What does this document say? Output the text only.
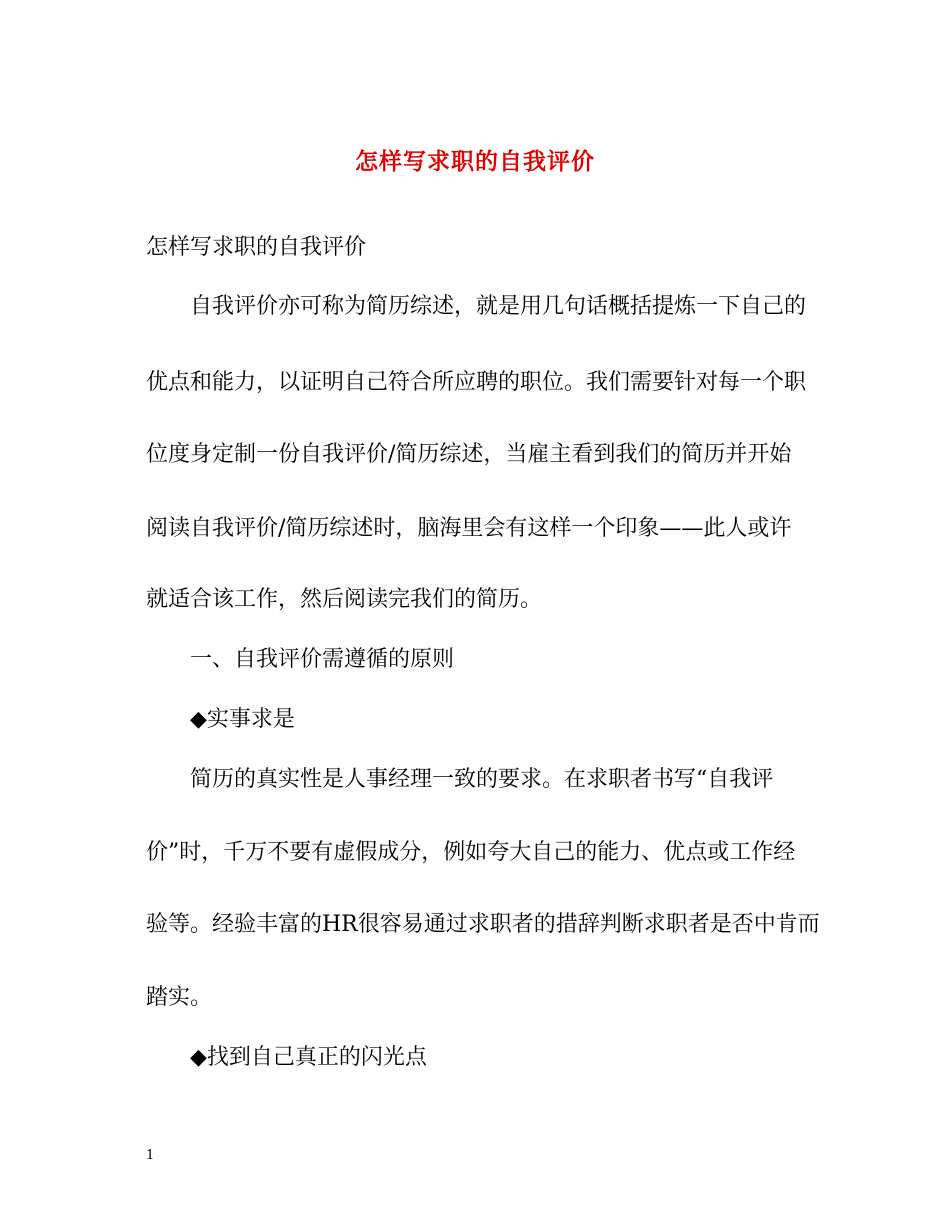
怎样写求职的自我评价
怎样写求职的自我评价
自我评价亦可称为简历综述，就是用几句话概括提炼一下自己的
优点和能力，以证明自己符合所应聘的职位。我们需要针对每一个职
位度身定制一份自我评价/简历综述，当雇主看到我们的简历并开始
阅读自我评价/简历综述时，脑海里会有这样一个印象——此人或许
就适合该工作，然后阅读完我们的简历。
一、自我评价需遵循的原则
◆实事求是
简历的真实性是人事经理一致的要求。在求职者书写“自我评
价”时，千万不要有虚假成分，例如夸大自己的能力、优点或工作经
验等。经验丰富的HR很容易通过求职者的措辞判断求职者是否中肯而
踏实。
◆找到自己真正的闪光点
1
